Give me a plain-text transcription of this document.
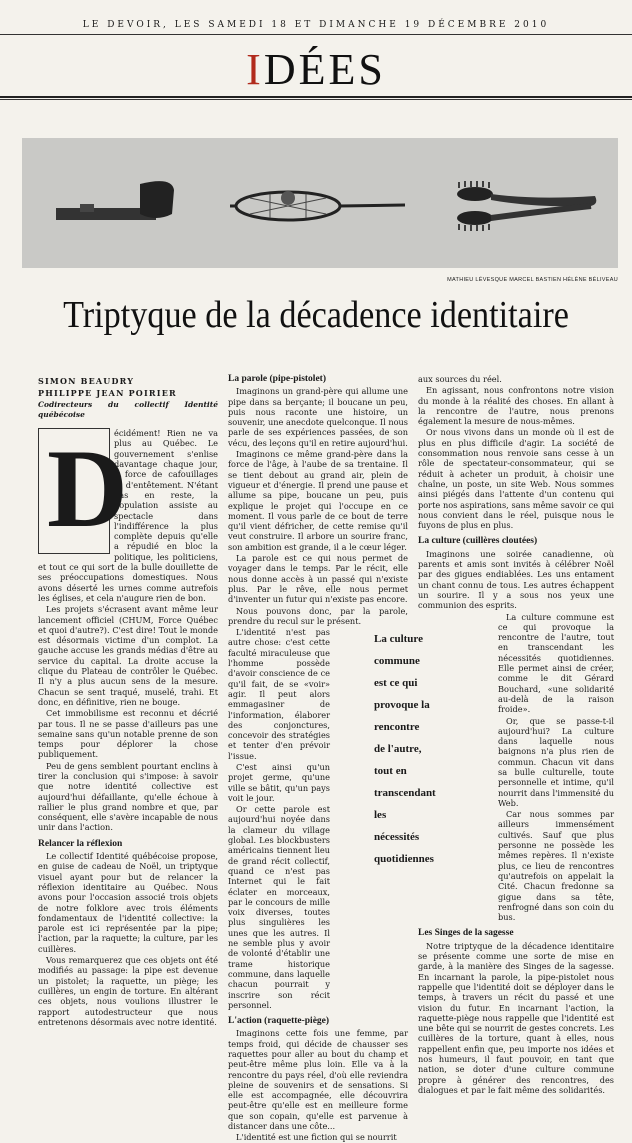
LE DEVOIR, LES SAMEDI 18 ET DIMANCHE 19 DÉCEMBRE 2010
IDÉES
MATHIEU LÉVESQUE MARCEL BASTIEN HÉLÈNE BÉLIVEAU
Triptyque de la décadence identitaire
SIMON BEAUDRY
PHILIPPE JEAN POIRIER
Codirecteurs du collectif Identité québécoise
D

écidément! Rien ne va plus au Québec. Le gouvernement s'enlise davantage chaque jour, à force de cafouillages et d'entêtement. N'étant pas en reste, la population assiste au spectacle dans l'indifférence la plus complète depuis qu'elle a répudié en bloc la politique, les politiciens, et tout ce qui sort de la bulle douillette de ses préoccupations domestiques. Nous avons déserté les urnes comme autrefois les églises, et cela n'augure rien de bon.

Les projets s'écrasent avant même leur lancement officiel (CHUM, Force Québec et quoi d'autre?). C'est dire! Tout le monde est désormais victime d'un complot. La gauche accuse les grands médias d'être au service du capital. La droite accuse la clique du Plateau de contrôler le Québec. Il n'y a plus aucun sens de la mesure. Chacun se sent traqué, muselé, trahi. Et donc, en définitive, rien ne bouge.

Cet immobilisme est reconnu et décrié par tous. Il ne se passe d'ailleurs pas une semaine sans qu'un notable prenne de son temps pour déplorer la chose publiquement.

Peu de gens semblent pourtant enclins à tirer la conclusion qui s'impose: à savoir que notre identité collective est aujourd'hui défaillante, qu'elle échoue à rallier le plus grand nombre et que, par conséquent, elle s'avère incapable de nous unir dans l'action.

Relancer la réflexion

Le collectif Identité québécoise propose, en guise de cadeau de Noël, un triptyque visuel ayant pour but de relancer la réflexion identitaire au Québec. Nous avons pour l'occasion associé trois objets de notre folklore avec trois éléments fondamentaux de l'identité collective: la parole est ici représentée par la pipe; l'action, par la raquette; la culture, par les cuillères.

Vous remarquerez que ces objets ont été modifiés au passage: la pipe est devenue un pistolet; la raquette, un piège; les cuillères, un engin de torture. En altérant ces objets, nous voulions illustrer le rapport autodestructeur que nous entretenons désormais avec notre identité.

La parole (pipe-pistolet)

Imaginons un grand-père qui allume une pipe dans sa berçante; il boucane un peu, puis nous raconte une histoire, un souvenir, une anecdote quelconque. Il nous parle de ses expériences passées, de son vécu, des leçons qu'il en retire aujourd'hui.

Imaginons ce même grand-père dans la force de l'âge, à l'aube de sa trentaine. Il se tient debout au grand air, plein de vigueur et d'énergie. Il prend une pause et allume sa pipe, boucane un peu, puis explique le projet qui l'occupe en ce moment. Il vous parle de ce bout de terre qu'il vient défricher, de cette remise qu'il veut construire. Il arbore un sourire franc, son ambition est grande, il a le cœur léger.

La parole est ce qui nous permet de voyager dans le temps. Par le récit, elle nous donne accès à un passé qui n'existe plus. Par le rêve, elle nous permet d'inventer un futur qui n'existe pas encore.

Nous pouvons donc, par la parole, prendre du recul sur le présent.

L'identité n'est pas autre chose: c'est cette faculté miraculeuse que l'homme possède d'avoir conscience de ce qu'il fait, de se «voir» agir. Il peut alors emmagasiner de l'information, élaborer des conjonctures, concevoir des stratégies et tenter d'en prévoir l'issue.

C'est ainsi qu'un projet germe, qu'une ville se bâtit, qu'un pays voit le jour.

Or cette parole est aujourd'hui noyée dans la clameur du village global. Les blockbusters américains tiennent lieu de grand récit collectif, quand ce n'est pas Internet qui le fait éclater en morceaux, par le concours de mille voix diverses, toutes plus singulières les unes que les autres. Il ne semble plus y avoir de volonté d'établir une trame historique commune, dans laquelle chacun pourrait y inscrire son récit personnel.

L'action (raquette-piège)

Imaginons cette fois une femme, par temps froid, qui décide de chausser ses raquettes pour aller au bout du champ et peut-être même plus loin. Elle va à la rencontre du pays réel, d'où elle reviendra pleine de souvenirs et de sensations. Si elle est accompagnée, elle découvrira peut-être qu'elle est en meilleure forme que son copain, qu'elle est parvenue à distancer dans une côte...

L'identité est une fiction qui se nourrit

La culture

commune

est ce qui

provoque la

rencontre

de l'autre,

tout en

transcendant

les

nécessités

quotidiennes

aux sources du réel.

En agissant, nous confrontons notre vision du monde à la réalité des choses. En allant à la rencontre de l'autre, nous prenons également la mesure de nous-mêmes.

Or nous vivons dans un monde où il est de plus en plus difficile d'agir. La société de consommation nous renvoie sans cesse à un rôle de spectateur-consommateur, qui se réduit à acheter un produit, à choisir une chaîne, un poste, un site Web. Nous sommes ainsi piégés dans l'attente d'un contenu qui porte nos aspirations, sans même savoir ce qui nous convient dans le réel, puisque nous le fuyons de plus en plus.

La culture (cuillères cloutées)

Imaginons une soirée canadienne, où parents et amis sont invités à célébrer Noël par des gigues endiablées. Les uns entament un chant connu de tous. Les autres échappent un sourire. Il y a sous nos yeux une communion des esprits.

La culture commune est ce qui provoque la rencontre de l'autre, tout en transcendant les nécessités quotidiennes. Elle permet ainsi de créer, comme le dit Gérard Bouchard, «une solidarité au-delà de la raison froide».

Or, que se passe-t-il aujourd'hui? La culture dans laquelle nous baignons n'a plus rien de commun. Chacun vit dans sa bulle culturelle, toute personnelle et intime, qu'il nourrit dans l'immensité du Web.

Car nous sommes par ailleurs immensément cultivés. Sauf que plus personne ne possède les mêmes repères. Il n'existe plus, ce lieu de rencontres qu'autrefois on appelait la Cité. Chacun fredonne sa gigue dans sa tête, renfrogné dans son coin du bus.

Les Singes de la sagesse

Notre triptyque de la décadence identitaire se présente comme une sorte de mise en garde, à la manière des Singes de la sagesse. En incarnant la parole, la pipe-pistolet nous rappelle que l'identité doit se déployer dans le temps, à travers un récit du passé et une vision du futur. En incarnant l'action, la raquette-piège nous rappelle que l'identité est une bête qui se nourrit de gestes concrets. Les cuillères de la torture, quant à elles, nous rappellent enfin que, peu importe nos idées et nos humeurs, il faut pouvoir, en tant que nation, se doter d'une culture commune propre à générer des rencontres, des dialogues et par le fait même des solidarités.
